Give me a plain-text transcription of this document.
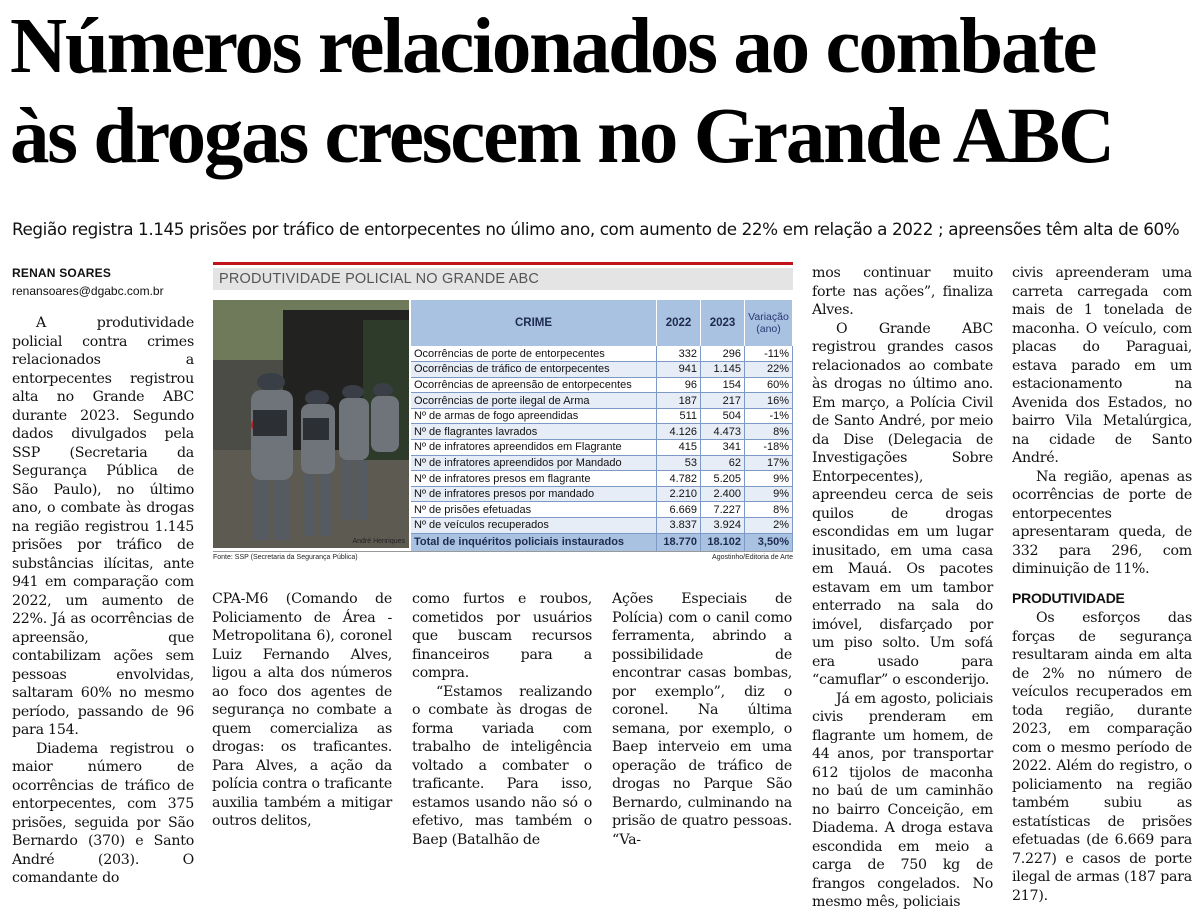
Números relacionados ao combate
às drogas crescem no Grande ABC
Região registra 1.145 prisões por tráfico de entorpecentes no úlimo ano, com aumento de 22% em relação a 2022 ; apreensões têm alta de 60%
RENAN SOARES
renansoares@dgabc.com.br

A produtividade policial contra crimes relacionados a entorpecentes registrou alta no Grande ABC durante 2023. Segundo dados divulgados pela SSP (Secretaria da Segurança Pública de São Paulo), no último ano, o combate às drogas na região registrou 1.145 prisões por tráfico de substâncias ilícitas, ante 941 em comparação com 2022, um aumento de 22%. Já as ocorrências de apreensão, que contabilizam ações sem pessoas envolvidas, saltaram 60% no mesmo período, passando de 96 para 154.

Diadema registrou o maior número de ocorrências de tráfico de entorpecentes, com 375 prisões, seguida por São Bernardo (370) e Santo André (203). O comandante do

PRODUTIVIDADE POLICIAL NO GRANDE ABC
André Henriques
CRIME	2022	2023	Variação (ano)
Ocorrências de porte de entorpecentes	332	296	-11%
Ocorrências de tráfico de entorpecentes	941	1.145	22%
Ocorrências de apreensão de entorpecentes	96	154	60%
Ocorrências de porte ilegal de Arma	187	217	16%
Nº de armas de fogo apreendidas	511	504	-1%
Nº de flagrantes lavrados	4.126	4.473	8%
Nº de infratores apreendidos em Flagrante	415	341	-18%
Nº de infratores apreendidos por Mandado	53	62	17%
Nº de infratores presos em flagrante	4.782	5.205	9%
Nº de infratores presos por mandado	2.210	2.400	9%
Nº de prisões efetuadas	6.669	7.227	8%
Nº de veículos recuperados	3.837	3.924	2%
Total de inquéritos policiais instaurados	18.770	18.102	3,50%
Fonte: SSP (Secretaria da Segurança Pública)	Agostinho/Editoria de Arte

CPA-M6 (Comando de Policiamento de Área - Metropolitana 6), coronel Luiz Fernando Alves, ligou a alta dos números ao foco dos agentes de segurança no combate a quem comercializa as drogas: os traficantes. Para Alves, a ação da polícia contra o traficante auxilia também a mitigar outros delitos,

como furtos e roubos, cometidos por usuários que buscam recursos financeiros para a compra.

“Estamos realizando o combate às drogas de forma variada com trabalho de inteligência voltado a combater o traficante. Para isso, estamos usando não só o efetivo, mas também o Baep (Batalhão de

Ações Especiais de Polícia) com o canil como ferramenta, abrindo a possibilidade de encontrar casas bombas, por exemplo”, diz o coronel. Na última semana, por exemplo, o Baep interveio em uma operação de tráfico de drogas no Parque São Bernardo, culminando na prisão de quatro pessoas. “Va-

mos continuar muito forte nas ações”, finaliza Alves.

O Grande ABC registrou grandes casos relacionados ao combate às drogas no último ano. Em março, a Polícia Civil de Santo André, por meio da Dise (Delegacia de Investigações Sobre Entorpecentes), apreendeu cerca de seis quilos de drogas escondidas em um lugar inusitado, em uma casa em Mauá. Os pacotes estavam em um tambor enterrado na sala do imóvel, disfarçado por um piso solto. Um sofá era usado para “camuflar” o esconderijo.

Já em agosto, policiais civis prenderam em flagrante um homem, de 44 anos, por transportar 612 tijolos de maconha no baú de um caminhão no bairro Conceição, em Diadema. A droga estava escondida em meio a carga de 750 kg de frangos congelados. No mesmo mês, policiais

civis apreenderam uma carreta carregada com mais de 1 tonelada de maconha. O veículo, com placas do Paraguai, estava parado em um estacionamento na Avenida dos Estados, no bairro Vila Metalúrgica, na cidade de Santo André.

Na região, apenas as ocorrências de porte de entorpecentes apresentaram queda, de 332 para 296, com diminuição de 11%.

PRODUTIVIDADE

Os esforços das forças de segurança resultaram ainda em alta de 2% no número de veículos recuperados em toda região, durante 2023, em comparação com o mesmo período de 2022. Além do registro, o policiamento na região também subiu as estatísticas de prisões efetuadas (de 6.669 para 7.227) e casos de porte ilegal de armas (187 para 217).
